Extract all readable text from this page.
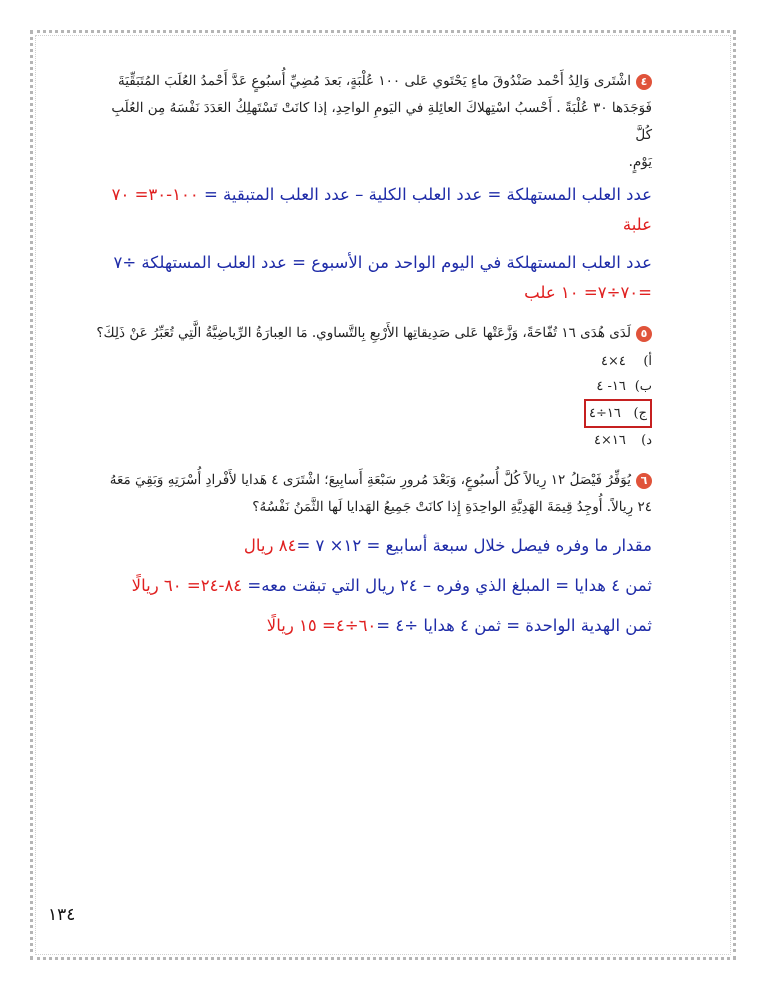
٤اشْتَرى وَالِدُ أَحْمد صَنْدُوقَ ماءٍ يَحْتَوي عَلى ١٠٠ عُلْبَةٍ، بَعدَ مُضِيِّ أُسبُوعٍ عَدَّ أَحْمدُ العُلَبَ المُتَبَقِّيَةَ
فَوَجَدَها ٣٠ عُلْبَةً . أَحْسبُ اسْتِهلاكَ العائِلةِ في اليَومِ الواحِدِ، إذا كانَتْ تَسْتَهلِكُ العَدَدَ نَفْسَهُ مِن العُلَبِ كُلَّ
يَوْمٍ.
عدد العلب المستهلكة = عدد العلب الكلية – عدد العلب المتبقية = ١٠٠-٣٠= ٧٠ علبة
عدد العلب المستهلكة في اليوم الواحد من الأسبوع = عدد العلب المستهلكة ÷٧
=٧٠÷٧= ١٠ علب
٥لَدَى هُدَى ١٦ تُفّاحَةً، وَزَّعَتْها عَلى صَدِيقاتِها الأَرْبعِ بِالتَّساوي. مَا العِبارَةُ الرِّياضِيَّةُ الَّتِي تُعَبِّرُ عَنْ ذَلِكَ؟
أ) ٤×٤
ب) ١٦- ٤
ج) ١٦÷٤
د) ١٦×٤
٦يُوَفِّرُ فَيْصَلُ ١٢ رِيالاً كُلَّ أُسبُوعٍ، وَبَعْدَ مُرورِ سَبْعَةِ أَسابِيعَ؛ اشْتَرَى ٤ هَدايا لأَفْرادِ أُسْرَتِهِ وَبَقِيَ مَعَهُ
٢٤ رِيالاً. أُوجِدُ قِيمَةَ الهَدِيَّةِ الواحِدَةِ إِذا كانَتْ جَمِيعُ الهَدايا لَها الثَّمَنُ نَفْسُهُ؟
مقدار ما وفره فيصل خلال سبعة أسابيع = ١٢× ٧ =٨٤ ريال
ثمن ٤ هدايا = المبلغ الذي وفره – ٢٤ ريال التي تبقت معه= ٨٤-٢٤= ٦٠ ريالًا
ثمن الهدية الواحدة = ثمن ٤ هدايا ÷٤ =٦٠÷٤= ١٥ ريالًا
١٣٤
